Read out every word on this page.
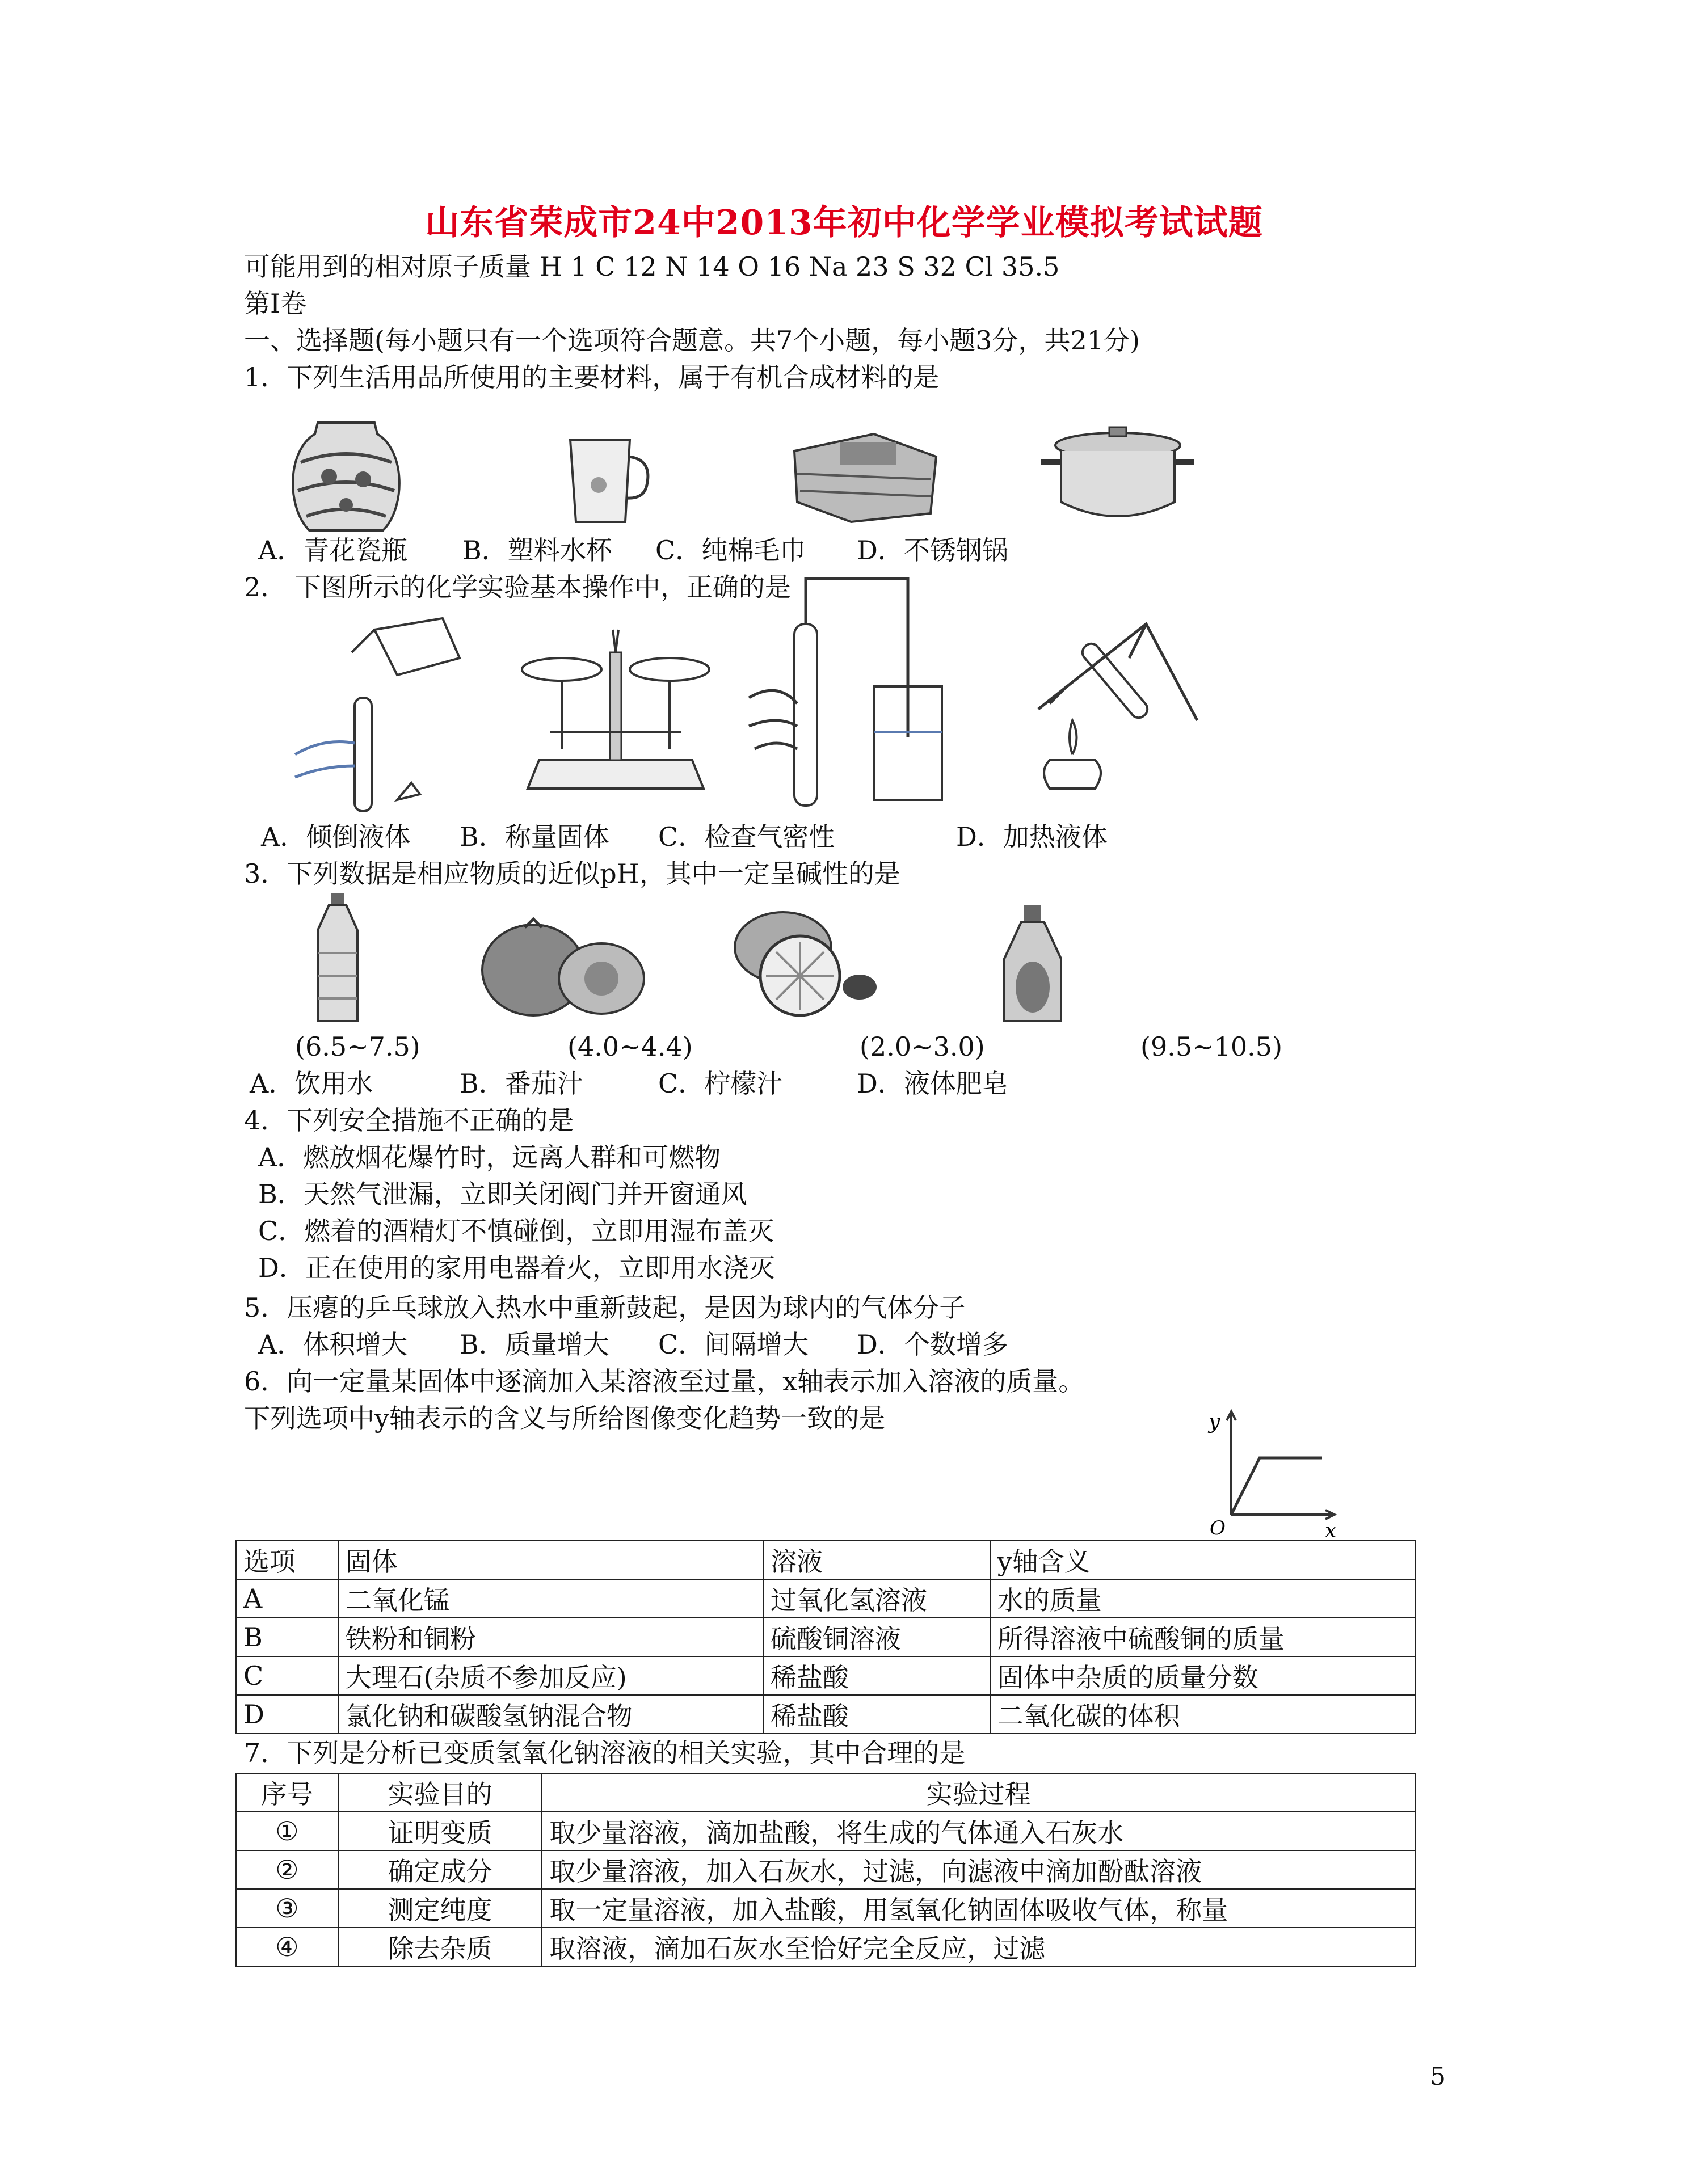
山东省荣成市24中2013年初中化学学业模拟考试试题
可能用到的相对原子质量 H 1 C 12 N 14 O 16 Na 23 S 32 Cl 35.5
第Ⅰ卷
一、选择题(每小题只有一个选项符合题意。共7个小题，每小题3分，共21分)
1．下列生活用品所使用的主要材料，属于有机合成材料的是
A．青花瓷瓶 B．塑料水杯 C．纯棉毛巾 D．不锈钢锅
2． 下图所示的化学实验基本操作中，正确的是
A．倾倒液体 B．称量固体 C．检查气密性	D．加热液体
3．下列数据是相应物质的近似pH，其中一定呈碱性的是
(6.5~7.5)	(4.0~4.4)	(2.0~3.0)	(9.5~10.5)
A．饮用水	B．番茄汁	C．柠檬汁	D．液体肥皂
4．下列安全措施不正确的是
A．燃放烟花爆竹时，远离人群和可燃物
B．天然气泄漏，立即关闭阀门并开窗通风
C．燃着的酒精灯不慎碰倒，立即用湿布盖灭
D．正在使用的家用电器着火，立即用水浇灭
5．压瘪的乒乓球放入热水中重新鼓起，是因为球内的气体分子
A．体积增大 B．质量增大 C．间隔增大 D．个数增多
6．向一定量某固体中逐滴加入某溶液至过量，x轴表示加入溶液的质量。
下列选项中y轴表示的含义与所给图像变化趋势一致的是	y
x
O
选项	固体	溶液	y轴含义
A	二氧化锰	过氧化氢溶液	水的质量
B	铁粉和铜粉	硫酸铜溶液	所得溶液中硫酸铜的质量
C	大理石(杂质不参加反应)	稀盐酸	固体中杂质的质量分数
D	氯化钠和碳酸氢钠混合物	稀盐酸	二氧化碳的体积
7．下列是分析已变质氢氧化钠溶液的相关实验，其中合理的是
序号	实验目的	实验过程
①	证明变质	取少量溶液，滴加盐酸，将生成的气体通入石灰水
②	确定成分	取少量溶液，加入石灰水，过滤，向滤液中滴加酚酞溶液
③	测定纯度	取一定量溶液，加入盐酸，用氢氧化钠固体吸收气体，称量
④	除去杂质	取溶液，滴加石灰水至恰好完全反应，过滤
5
